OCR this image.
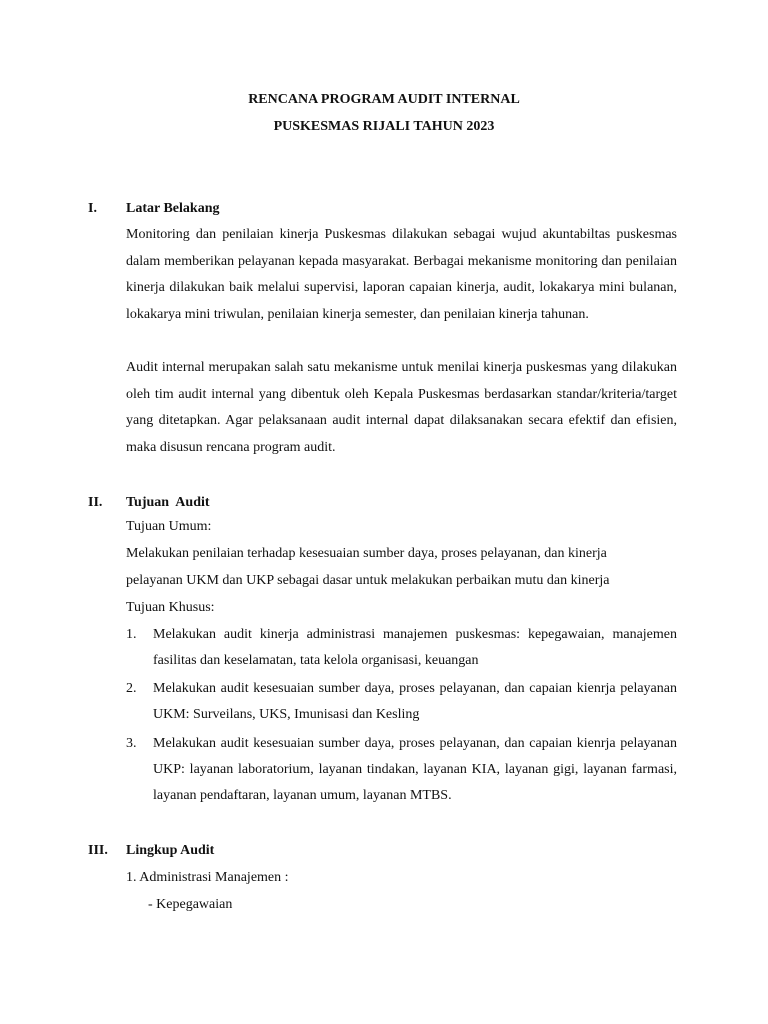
RENCANA PROGRAM AUDIT INTERNAL
PUSKESMAS RIJALI TAHUN 2023
I. Latar Belakang
Monitoring dan penilaian kinerja Puskesmas dilakukan sebagai wujud akuntabiltas puskesmas dalam memberikan pelayanan kepada masyarakat. Berbagai mekanisme monitoring dan penilaian kinerja dilakukan baik melalui supervisi, laporan capaian kinerja, audit, lokakarya mini bulanan, lokakarya mini triwulan, penilaian kinerja semester, dan penilaian kinerja tahunan.
Audit internal merupakan salah satu mekanisme untuk menilai kinerja puskesmas yang dilakukan oleh tim audit internal yang dibentuk oleh Kepala Puskesmas berdasarkan standar/kriteria/target yang ditetapkan. Agar pelaksanaan audit internal dapat dilaksanakan secara efektif dan efisien, maka disusun rencana program audit.
II. Tujuan  Audit
Tujuan Umum:
Melakukan penilaian terhadap kesesuaian sumber daya, proses pelayanan, dan kinerja
pelayanan UKM dan UKP sebagai dasar untuk melakukan perbaikan mutu dan kinerja
Tujuan Khusus:
1. Melakukan audit kinerja administrasi manajemen puskesmas: kepegawaian, manajemen fasilitas dan keselamatan, tata kelola organisasi, keuangan
2. Melakukan audit kesesuaian sumber daya, proses pelayanan, dan capaian kienrja pelayanan UKM: Surveilans, UKS, Imunisasi dan Kesling
3. Melakukan audit kesesuaian sumber daya, proses pelayanan, dan capaian kienrja pelayanan UKP: layanan laboratorium, layanan tindakan, layanan KIA, layanan gigi, layanan farmasi, layanan pendaftaran, layanan umum, layanan MTBS.
III. Lingkup Audit
1. Administrasi Manajemen :
- Kepegawaian
